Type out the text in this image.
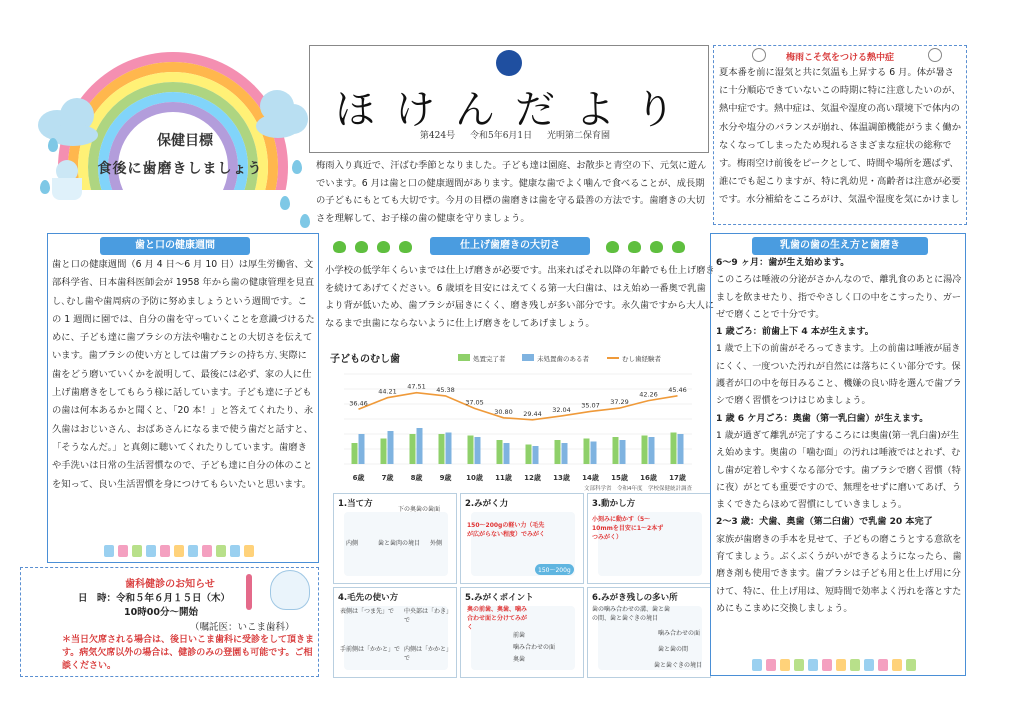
保健目標
食後に歯磨きしましょう
ほけんだより
第424号 令和5年6月1日 光明第二保育園
梅雨入り真近で、汗ばむ季節となりました。子ども達は園庭、お散歩と青空の下、元気に遊んでいます。6 月は歯と口の健康週間があります。健康な歯でよく噛んで食べることが、成長期の子どもにもとても大切です。今月の目標の歯磨きは歯を守る最善の方法です。歯磨きの大切さを理解して、お子様の歯の健康を守りましょう。
梅雨こそ気をつける熱中症
夏本番を前に湿気と共に気温も上昇する 6 月。体が暑さに十分順応できていないこの時期に特に注意したいのが、熱中症です。熱中症は、気温や湿度の高い環境下で体内の水分や塩分のバランスが崩れ、体温調節機能がうまく働かなくなってしまったため現れるさまざまな症状の総称です。梅雨空け前後をピークとして、時間や場所を選ばず、誰にでも起こりますが、特に乳幼児・高齢者は注意が必要です。水分補給をこころがけ、気温や湿度を気にかけまし
歯と口の健康週間
歯と口の健康週間（6 月 4 日～6 月 10 日）は厚生労働省、文部科学省、日本歯科医師会が 1958 年から歯の健康管理を見直し､むし歯や歯周病の予防に努めましょうという週間です。この 1 週間に園では、自分の歯を守っていくことを意識づけるために、子ども達に歯ブラシの方法や噛むことの大切さを伝えています。歯ブラシの使い方としては歯ブラシの持ち方､実際に歯をどう磨いていくかを説明して、最後には必ず、家の人に仕上げ歯磨きをしてもらう様に話しています。子ども達に子どもの歯は何本あるかと聞くと、「20 本！」と答えてくれたり、永久歯はおじいさん、おばあさんになるまで使う歯だと話すと、「そうなんだ。」と真剣に聴いてくれたりしています。歯磨きや手洗いは日常の生活習慣なので、子ども達に自分の体のことを知って、良い生活習慣を身につけてもらいたいと思います。
歯科健診のお知らせ
日　時：令和５年６月１５日（木）
10時00分～開始
（嘱託医：いこま歯科）
＊当日欠席される場合は、後日いこま歯科に受診をして頂きます。病気欠席以外の場合は、健診のみの登園も可能です。ご相談ください。
仕上げ歯磨きの大切さ
小学校の低学年くらいまでは仕上げ磨きが必要です。出来ればそれ以降の年齢でも仕上げ磨きを続けてあげてください。6 歳頃を目安にはえてくる第一大臼歯は、はえ始め一番奥で乳歯より背が低いため、歯ブラシが届きにくく、磨き残しが多い部分です。永久歯ですから大人になるまで虫歯にならないように仕上げ磨きをしてあげましょう。
子どものむし歯	処置完了者	未処置歯のある者	むし歯経験者
6歳 7歳 8歳 9歳 10歳 11歳 12歳 13歳 14歳 15歳 16歳 17歳
36.46
44.21
47.51 45.38
37.05
30.80 29.44 32.04
35.07 37.29
42.26
45.46
文部科学省　令和4年度　学校保健統計調査
1.当て方
下の奥歯の歯面
内側	歯と歯肉の境目 外側
2.みがく力
150～200gの軽い力（毛先が広がらない程度）でみがく
150～200g
3.動かし方
小刻みに動かす（5～10mmを目安に1～2本ずつみがく）
4.毛先の使い方
表側は「つま先」で 中央部は「わき」で
手前側は「かかと」で 内側は「かかと」で
5.みがくポイント
奥の前歯、奥歯、噛み合わせ面と分けてみがく
前歯
噛み合わせの面
奥歯
6.みがき残しの多い所
歯の噛み合わせの溝、歯と歯の間、歯と歯ぐきの境目
噛み合わせの面
歯と歯の間
歯と歯ぐきの境目
乳歯の歯の生え方と歯磨き
6～9 ヶ月：歯が生え始めます。
このころは唾液の分泌がさかんなので、離乳食のあとに湯冷ましを飲ませたり、指でやさしく口の中をこすったり、ガーゼで磨くことで十分です。
1 歳ごろ：前歯上下 4 本が生えます。
1 歳で上下の前歯がそろってきます。上の前歯は唾液が届きにくく、一度ついた汚れが自然には落ちにくい部分です。保護者が口の中を毎日みること、機嫌の良い時を選んで歯ブラシで磨く習慣をつけはじめましょう。
1 歳 6 ケ月ごろ：奥歯（第一乳臼歯）が生えます。
1 歳が過ぎて離乳が完了するころには奥歯(第一乳臼歯)が生え始めます。奥歯の「噛む面」の汚れは唾液ではとれず、むし歯が定着しやすくなる部分です。歯ブラシで磨く習慣（特に夜）がとても重要ですので、無理をせずに磨いてあげ、うまくできたらほめて習慣にしていきましょう。
2～3 歳：犬歯、奥歯（第二臼歯）で乳歯 20 本完了
家族が歯磨きの手本を見せて、子どもの磨こうとする意欲を育てましょう。ぶくぶくうがいができるようになったら、歯磨き剤も使用できます。歯ブラシは子ども用と仕上げ用に分けて、特に、仕上げ用は、短時間で効率よく汚れを落とすためにもこまめに交換しましょう。
